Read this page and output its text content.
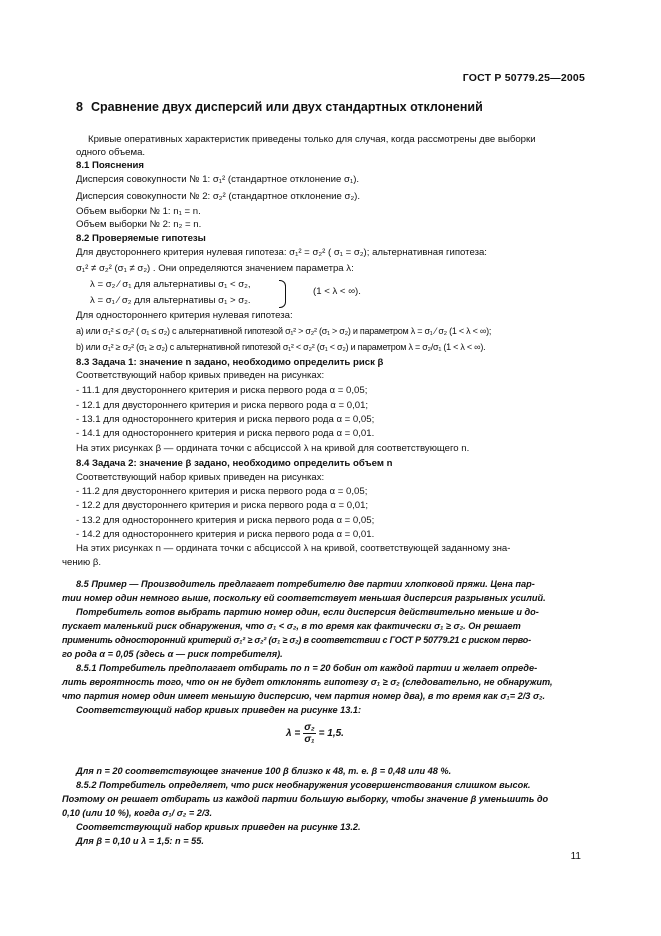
ГОСТ Р 50779.25—2005
8 Сравнение двух дисперсий или двух стандартных отклонений
Кривые оперативных характеристик приведены только для случая, когда рассмотрены две выборки
одного объема.
8.1 Пояснения
Дисперсия совокупности № 1: σ₁² (стандартное отклонение σ₁).
Дисперсия совокупности № 2: σ₂² (стандартное отклонение σ₂).
Объем выборки № 1: n₁ = n.
Объем выборки № 2: n₂ = n.
8.2 Проверяемые гипотезы
Для двустороннего критерия нулевая гипотеза: σ₁² = σ₂² ( σ₁ = σ₂); альтернативная гипотеза:
σ₁² ≠ σ₂² (σ₁ ≠ σ₂) . Они определяются значением параметра λ:
λ = σ₂ ⁄ σ₁ для альтернативы σ₁ < σ₂,
λ = σ₁ ⁄ σ₂ для альтернативы σ₁ > σ₂.
(1 < λ < ∞).
Для одностороннего критерия нулевая гипотеза:
a) или σ₁² ≤ σ₂² ( σ₁ ≤ σ₂) с альтернативной гипотезой σ₁² > σ₂² (σ₁ > σ₂) и параметром λ = σ₁ ⁄ σ₂ (1 < λ < ∞);
b) или σ₁² ≥ σ₂² (σ₁ ≥ σ₂) с альтернативной гипотезой σ₁² < σ₂² (σ₁ < σ₂) и параметром λ = σ₂/σ₁ (1 < λ < ∞).
8.3 Задача 1: значение n задано, необходимо определить риск β
Соответствующий набор кривых приведен на рисунках:
- 11.1 для двустороннего критерия и риска первого рода α = 0,05;
- 12.1 для двустороннего критерия и риска первого рода α = 0,01;
- 13.1 для одностороннего критерия и риска первого рода α = 0,05;
- 14.1 для одностороннего критерия и риска первого рода α = 0,01.
На этих рисунках β — ордината точки с абсциссой λ на кривой для соответствующего n.
8.4 Задача 2: значение β задано, необходимо определить объем n
Соответствующий набор кривых приведен на рисунках:
- 11.2 для двустороннего критерия и риска первого рода α = 0,05;
- 12.2 для двустороннего критерия и риска первого рода α = 0,01;
- 13.2 для одностороннего критерия и риска первого рода α = 0,05;
- 14.2 для одностороннего критерия и риска первого рода α = 0,01.
На этих рисунках n — ордината точки с абсциссой λ на кривой, соответствующей заданному зна-
чению β.
8.5 Пример — Производитель предлагает потребителю две партии хлопковой пряжи. Цена пар-
тии номер один немного выше, поскольку ей соответствует меньшая дисперсия разрывных усилий.
Потребитель готов выбрать партию номер один, если дисперсия действительно меньше и до-
пускает маленький риск обнаружения, что σ₁ < σ₂, в то время как фактически σ₁ ≥ σ₂. Он решает
применить односторонний критерий σ₁² ≥ σ₂² (σ₁ ≥ σ₂) в соответствии с ГОСТ Р 50779.21 с риском перво-
го рода α = 0,05 (здесь α — риск потребителя).
8.5.1 Потребитель предполагает отбирать по n = 20 бобин от каждой партии и желает опреде-
лить вероятность того, что он не будет отклонять гипотезу σ₁ ≥ σ₂ (следовательно, не обнаружит,
что партия номер один имеет меньшую дисперсию, чем партия номер два), в то время как σ₁= 2/3 σ₂.
Соответствующий набор кривых приведен на рисунке 13.1:
$\lambda = \frac{\text{σ₂}}{\text{σ₁}} = 1,5$.
Для n = 20 соответствующее значение 100 β близко к 48, т. е. β = 0,48 или 48 %.
8.5.2 Потребитель определяет, что риск необнаружения усовершенствования слишком высок.
Поэтому он решает отбирать из каждой партии большую выборку, чтобы значение β уменьшить до
0,10 (или 10 %), когда σ₁/ σ₂ = 2/3.
Соответствующий набор кривых приведен на рисунке 13.2.
Для β = 0,10 и λ = 1,5: n = 55.
11
